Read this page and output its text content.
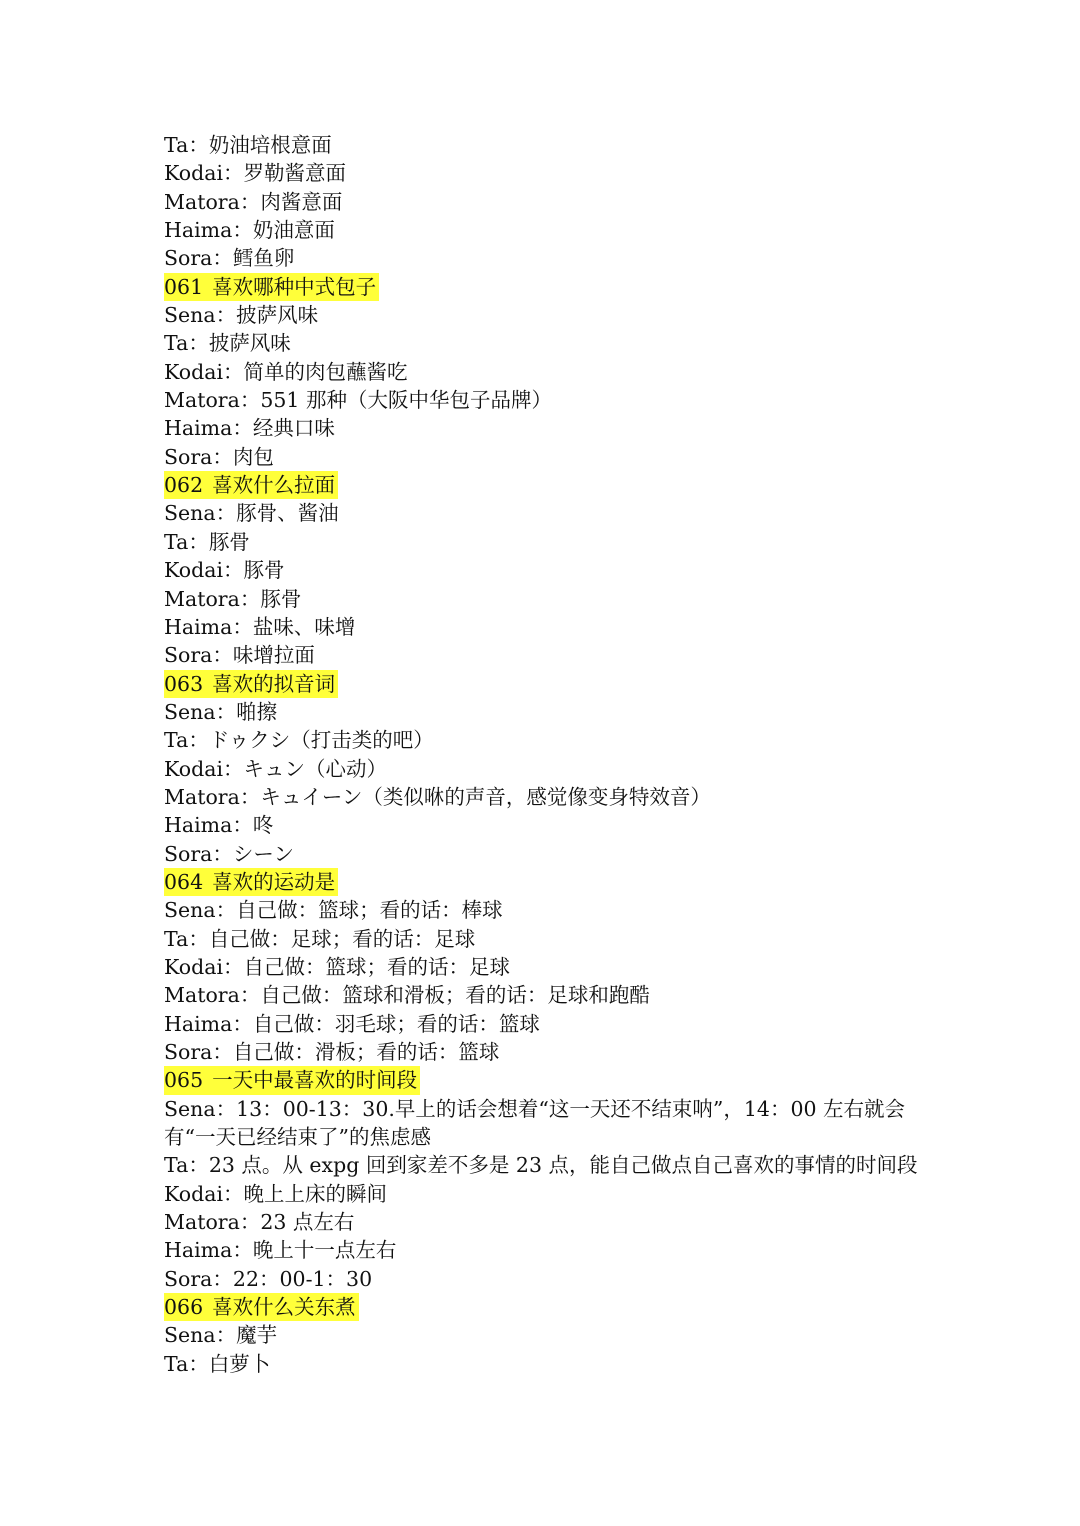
Ta：奶油培根意面
Kodai：罗勒酱意面
Matora：肉酱意面
Haima：奶油意面
Sora：鳕鱼卵
061 喜欢哪种中式包子
Sena：披萨风味
Ta：披萨风味
Kodai：简单的肉包蘸酱吃
Matora：551 那种（大阪中华包子品牌）
Haima：经典口味
Sora：肉包
062 喜欢什么拉面
Sena：豚骨、酱油
Ta：豚骨
Kodai：豚骨
Matora：豚骨
Haima：盐味、味增
Sora：味增拉面
063 喜欢的拟音词
Sena：啪擦
Ta：ドゥクシ（打击类的吧）
Kodai：キュン（心动）
Matora：キュイーン（类似咻的声音，感觉像变身特效音）
Haima：咚
Sora：シーン
064 喜欢的运动是
Sena：自己做：篮球；看的话：棒球
Ta：自己做：足球；看的话：足球
Kodai：自己做：篮球；看的话：足球
Matora：自己做：篮球和滑板；看的话：足球和跑酷
Haima：自己做：羽毛球；看的话：篮球
Sora：自己做：滑板；看的话：篮球
065 一天中最喜欢的时间段
Sena：13：00-13：30.早上的话会想着“这一天还不结束呐”，14：00 左右就会有“一天已经结束了”的焦虑感
Ta：23 点。从 expg 回到家差不多是 23 点，能自己做点自己喜欢的事情的时间段
Kodai：晚上上床的瞬间
Matora：23 点左右
Haima：晚上十一点左右
Sora：22：00-1：30
066 喜欢什么关东煮
Sena：魔芋
Ta：白萝卜
